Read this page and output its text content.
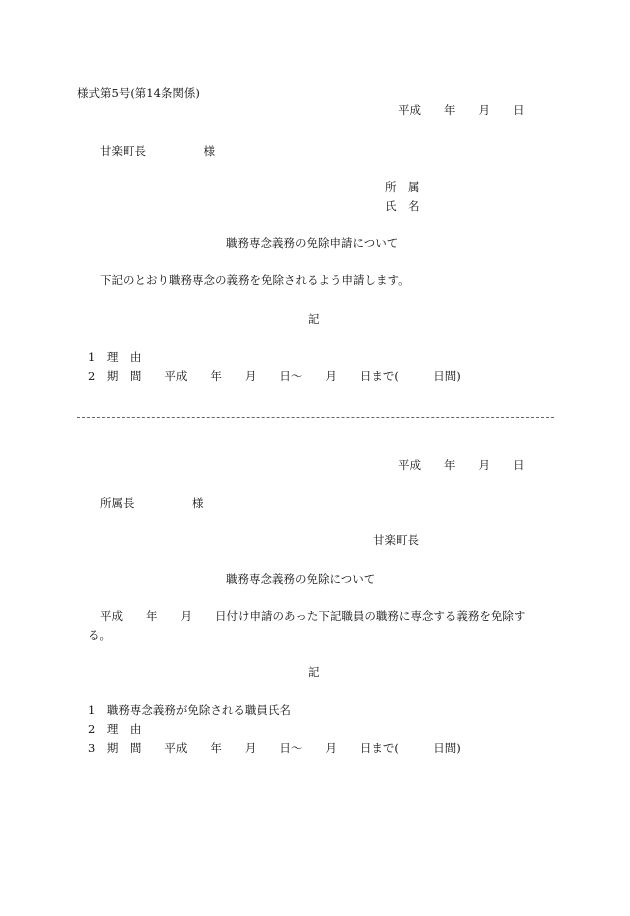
様式第5号(第14条関係)
平成　　年　　月　　日
甘楽町長　　　　　様
所　属
氏　名
職務専念義務の免除申請について
下記のとおり職務専念の義務を免除されるよう申請します。
記
1　理　由
2　期　間　　平成　　年　　月　　日～　　月　　日まで(　　　日間)
平成　　年　　月　　日
所属長　　　　　様
甘楽町長
職務専念義務の免除について
平成　　年　　月　　日付け申請のあった下記職員の職務に専念する義務を免除す
る。
記
1　職務専念義務が免除される職員氏名
2　理　由
3　期　間　　平成　　年　　月　　日～　　月　　日まで(　　　日間)
